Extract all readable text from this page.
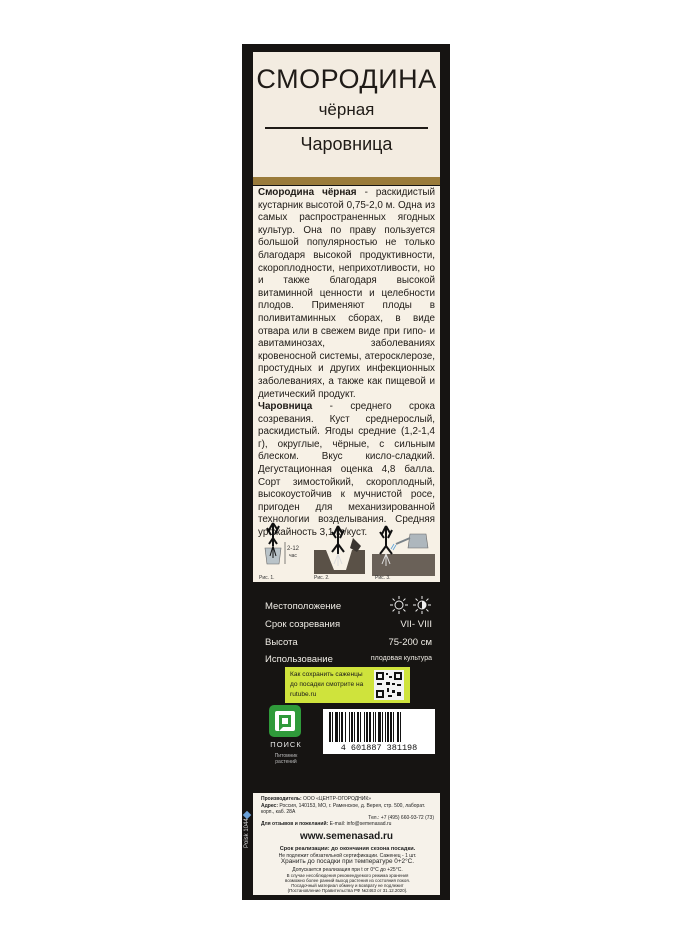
СМОРОДИНА
чёрная
Чаровница
Смородина чёрная - раскидистый кустарник высотой 0,75-2,0 м. Одна из самых распространенных ягодных культур. Она по праву пользуется большой популярностью не только благодаря высокой продуктивности, скороплодности, неприхотливости, но и также благодаря высокой витаминной ценности и целебности плодов. Применяют плоды в поливитаминных сборах, в виде отвара или в свежем виде при гипо- и авитаминозах, заболеваниях кровеносной системы, атеросклерозе, простудных и других инфекционных заболеваниях, а также как пищевой и диетический продукт.
Чаровница - среднего срока созревания. Куст среднерослый, раскидистый. Ягоды средние (1,2-1,4 г), округлые, чёрные, с сильным блеском. Вкус кисло-сладкий. Дегустационная оценка 4,8 балла. Сорт зимостойкий, скороплодный, высокоустойчив к мучнистой росе, пригоден для механизированной технологии возделывания. Средняя урожайность 3,1 кг/куст.
2-12
час
Рис. 1.	Рис. 2.	Рис. 3.
Местоположение
Срок созревания	VII- VIII
Высота	75-200 см
Использование	плодовая культура
Как сохранить саженцы
до посадки смотрите на
rutube.ru
ПОИСК
Питомник
растений
4 601887 381198
Poisk 1044
Производитель: ООО «ЦЕНТР-ОГОРОДНИК»
Адрес: Россия, 140153, МО, г. Раменское, д. Верея, стр. 500, лаборат. корп., каб. 28А
Тел.: +7 (495) 660-93-72 (73)
Для отзывов и пожеланий: E-mail: info@semenasad.ru
www.semenasad.ru
Срок реализации: до окончания сезона посадки.
Не подлежит обязательной сертификации. Саженец - 1 шт.
Хранить до посадки при температуре 0+2°С.
Допускается реализация при t от 0°С до +25°С.
В случае несоблюдения рекомендуемого режима хранения
возможно более ранний выход растения из состояния покоя.
Посадочный материал обмену и возврату не подлежит
(Постановление Правительства РФ №2463 от 31.12.2020).
